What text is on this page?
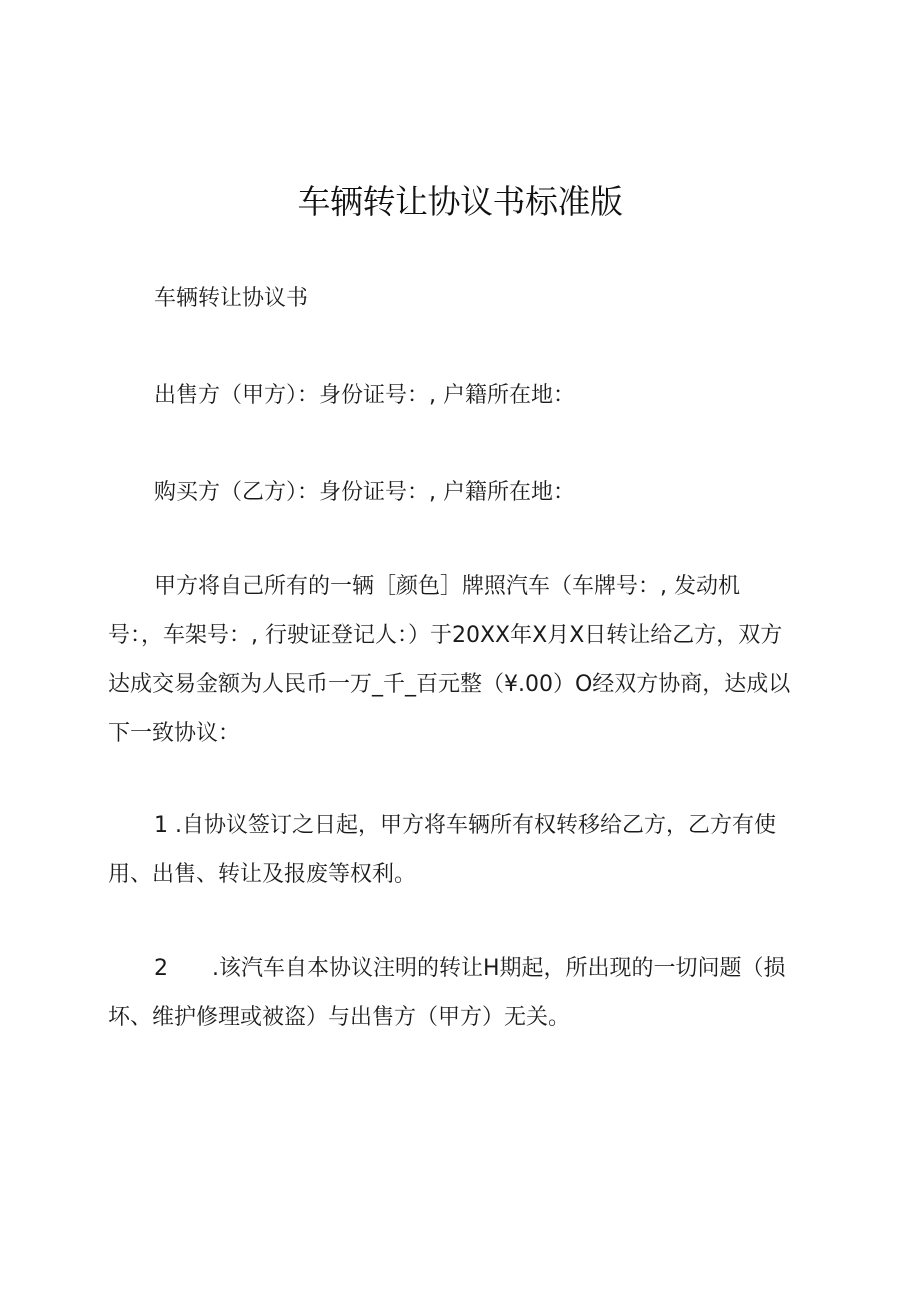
车辆转让协议书标准版
车辆转让协议书
出售方（甲方）：身份证号：, 户籍所在地：
购买方（乙方）：身份证号：, 户籍所在地：
甲方将自己所有的一辆［颜色］牌照汽车（车牌号：, 发动机
号：，车架号：, 行驶证登记人：）于20XX年X月X日转让给乙方，双方
达成交易金额为人民币一万_千_百元整（¥.00）O经双方协商，达成以
下一致协议：
1 .自协议签订之日起，甲方将车辆所有权转移给乙方，乙方有使
用、出售、转让及报废等权利。
2　　.该汽车自本协议注明的转让H期起，所出现的一切问题（损
坏、维护修理或被盗）与出售方（甲方）无关。
